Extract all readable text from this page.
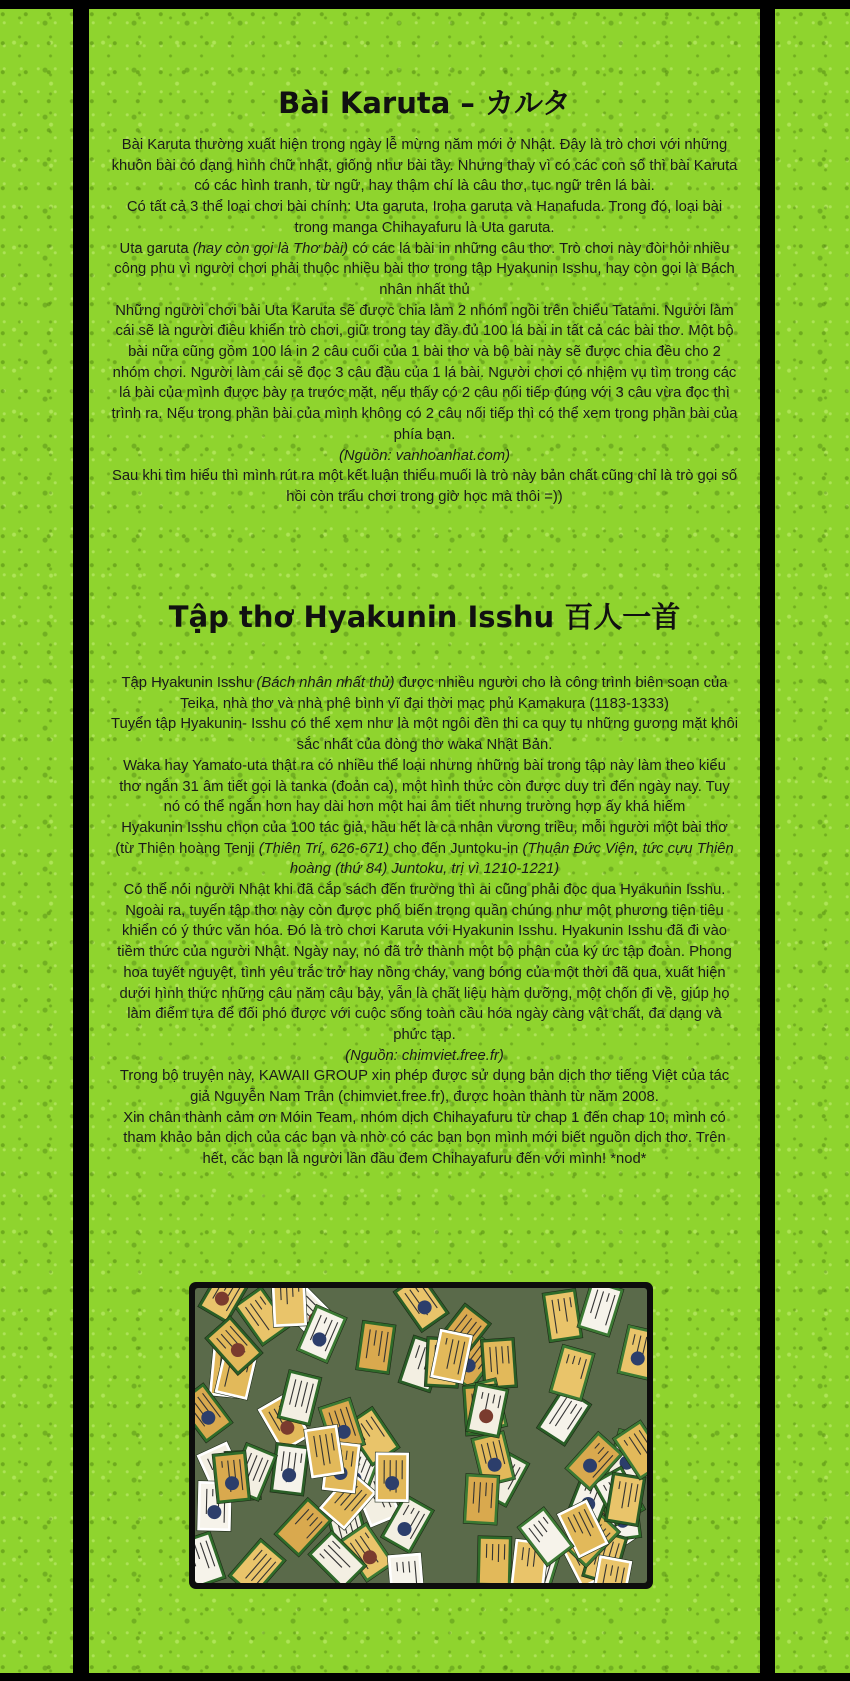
Bài Karuta – カルタ

Bài Karuta thường xuất hiện trong ngày lễ mừng năm mới ở Nhật. Đây là trò chơi với những khuôn bài có dạng hình chữ nhật, giống như bài tây. Nhưng thay vì có các con số thì bài Karuta có các hình tranh, từ ngữ, hay thậm chí là câu thơ, tục ngữ trên lá bài.

Có tất cả 3 thể loại chơi bài chính: Uta garuta, Iroha garuta và Hanafuda. Trong đó, loại bài trong manga Chihayafuru là Uta garuta.

Uta garuta (hay còn gọi là Thơ bài) có các lá bài in những câu thơ. Trò chơi này đòi hỏi nhiều công phu vì người chơi phải thuộc nhiều bài thơ trong tập Hyakunin Isshu, hay còn gọi là Bách nhân nhất thủ

Những người chơi bài Uta Karuta sẽ được chia làm 2 nhóm ngồi trên chiếu Tatami. Người làm cái sẽ là người điều khiển trò chơi, giữ trong tay đầy đủ 100 lá bài in tất cả các bài thơ. Một bộ bài nữa cũng gồm 100 lá in 2 câu cuối của 1 bài thơ và bộ bài này sẽ được chia đều cho 2 nhóm chơi. Người làm cái sẽ đọc 3 câu đầu của 1 lá bài. Người chơi có nhiệm vụ tìm trong các lá bài của mình được bày ra trước mặt, nếu thấy có 2 câu nối tiếp đúng với 3 câu vừa đọc thì trình ra. Nếu trong phần bài của mình không có 2 câu nối tiếp thì có thể xem trong phần bài của phía bạn.

(Nguồn: vanhoanhat.com)

Sau khi tìm hiểu thì mình rút ra một kết luận thiểu muối là trò này bản chất cũng chỉ là trò gọi số hồi còn trẩu chơi trong giờ học mà thôi =))

Tập thơ Hyakunin Isshu 百人一首

Tập Hyakunin Isshu (Bách nhân nhất thủ) được nhiều người cho là công trình biên soạn của Teika, nhà thơ và nhà phê bình vĩ đại thời mạc phủ Kamakura (1183-1333)

Tuyển tập Hyakunin- Isshu có thể xem như là một ngôi đền thi ca quy tụ những gương mặt khôi sắc nhất của dòng thơ waka Nhật Bản.

Waka hay Yamato-uta thật ra có nhiều thể loại nhưng những bài trong tập này làm theo kiểu thơ ngắn 31 âm tiết gọi là tanka (đoản ca), một hình thức còn được duy trì đến ngày nay. Tuy nó có thể ngắn hơn hay dài hơn một hai âm tiết nhưng trường hợp ấy khá hiếm

Hyakunin Isshu chọn của 100 tác giả, hầu hết là ca nhân vương triều, mỗi người một bài thơ (từ Thiên hoàng Tenji (Thiên Trí, 626-671) cho đến Juntoku-in (Thuận Đức Viện, tức cựu Thiên hoàng (thứ 84) Juntoku, trị vì 1210-1221)

Có thể nói người Nhật khi đã cắp sách đến trường thì ai cũng phải đọc qua Hyakunin Isshu. Ngoài ra, tuyển tập thơ này còn được phổ biến trong quần chúng như một phương tiện tiêu khiển có ý thức văn hóa. Đó là trò chơi Karuta với Hyakunin Isshu. Hyakunin Isshu đã đi vào tiềm thức của người Nhật. Ngày nay, nó đã trở thành một bộ phận của ký ức tập đoàn. Phong hoa tuyết nguyệt, tình yêu trắc trở hay nồng cháy, vang bóng của một thời đã qua, xuất hiện dưới hình thức những câu năm câu bảy, vẫn là chất liệu hàm dưỡng, một chốn đi về, giúp họ làm điểm tựa để đối phó được với cuộc sống toàn cầu hóa ngày càng vật chất, đa dạng và phức tạp.

(Nguồn: chimviet.free.fr)

Trong bộ truyện này, KAWAII GROUP xin phép được sử dụng bản dịch thơ tiếng Việt của tác giả Nguyễn Nam Trân (chimviet.free.fr), được hoàn thành từ năm 2008.

Xin chân thành cảm ơn Móin Team, nhóm dịch Chihayafuru từ chap 1 đến chap 10, mình có tham khảo bản dịch của các bạn và nhờ có các bạn bọn mình mới biết nguồn dịch thơ. Trên hết, các bạn là người lần đầu đem Chihayafuru đến với mình! *nod*
